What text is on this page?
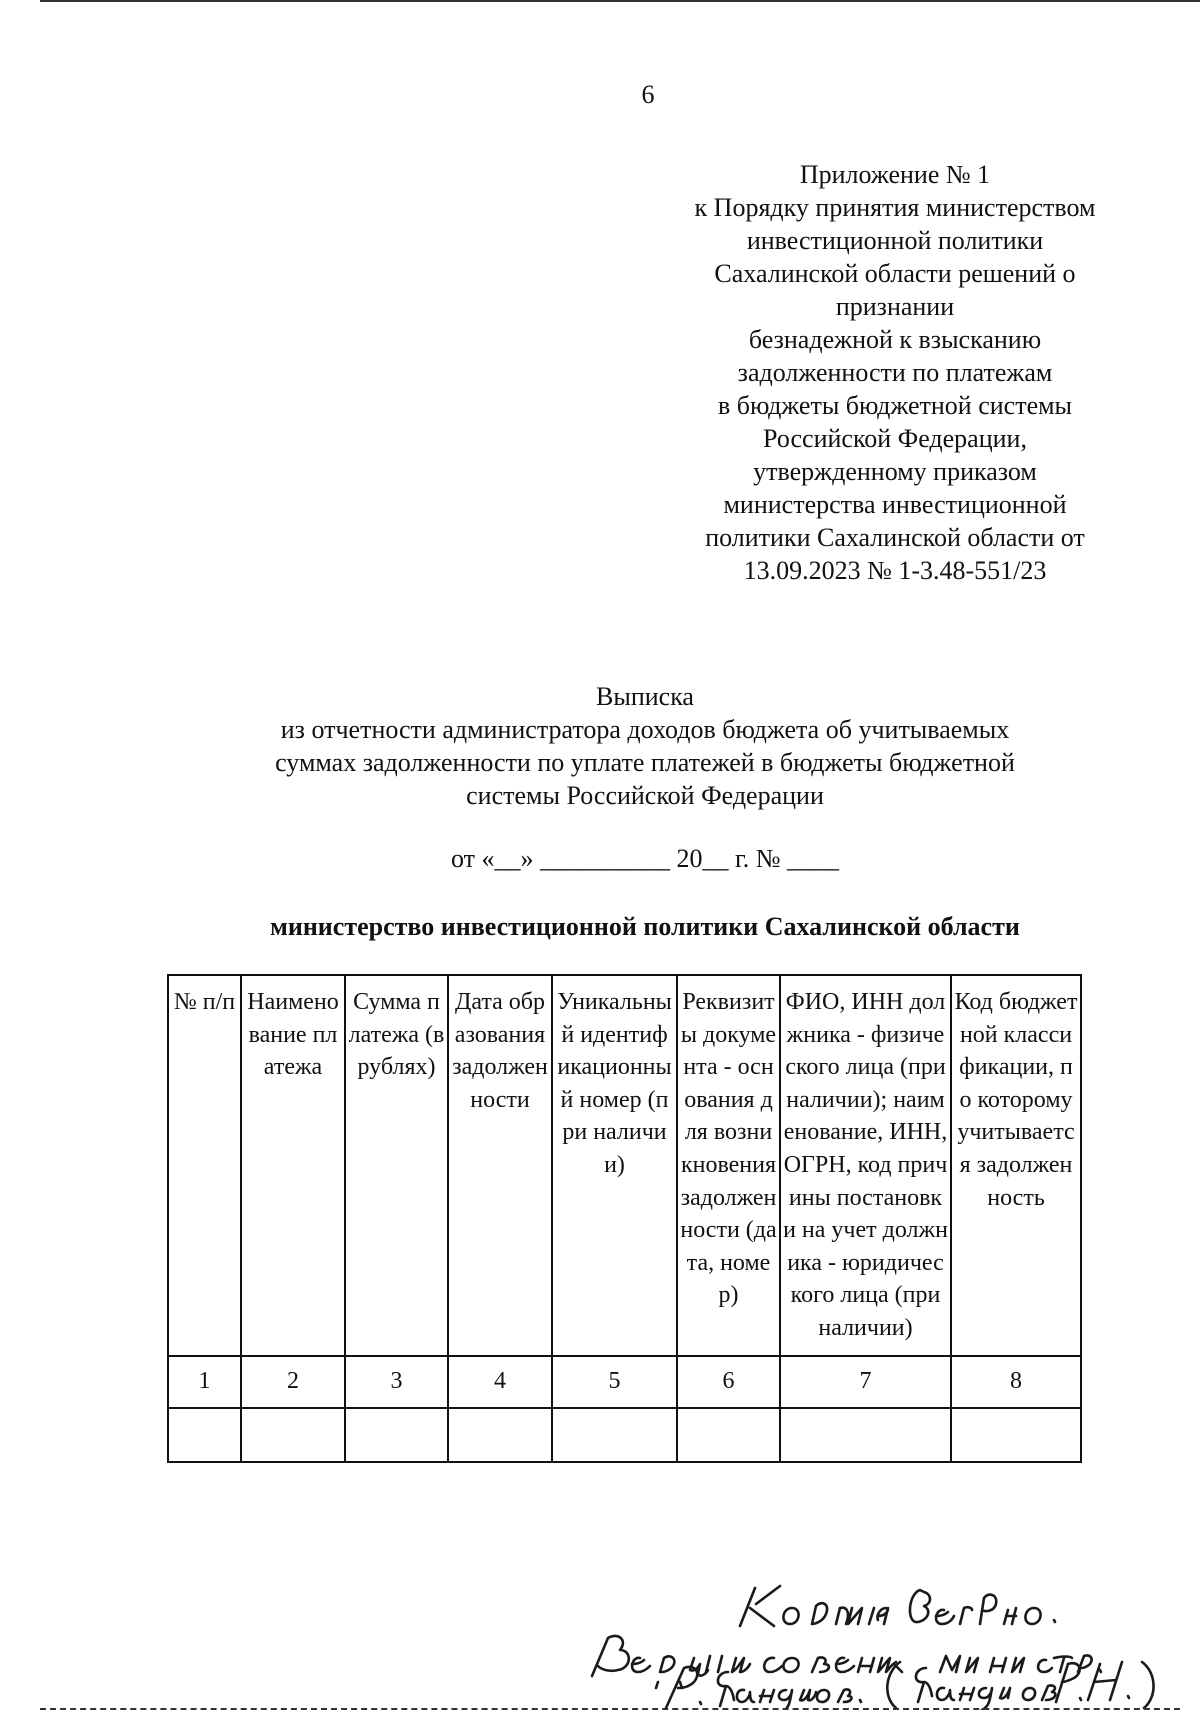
6
Приложение № 1
к Порядку принятия министерством
инвестиционной политики
Сахалинской области решений о
признании
безнадежной к взысканию
задолженности по платежам
в бюджеты бюджетной системы
Российской Федерации,
утвержденному приказом
министерства инвестиционной
политики Сахалинской области от
13.09.2023 № 1-3.48-551/23
Выписка
из отчетности администратора доходов бюджета об учитываемых
суммах задолженности по уплате платежей в бюджеты бюджетной
системы Российской Федерации
от «__» __________ 20__ г. № ____
министерство инвестиционной политики Сахалинской области
№ п/п	Наименование платежа	Сумма платежа (в рублях)	Дата образования задолженности	Уникальный идентификационный номер (при наличии)	Реквизиты документа - основания для возникновения задолженности (дата, номер)	ФИО, ИНН должника - физического лица (при наличии); наименование, ИНН, ОГРН, код причины постановки на учет должника - юридического лица (при наличии)	Код бюджетной классификации, по которому учитывается задолженность
1	2	3	4	5	6	7	8
